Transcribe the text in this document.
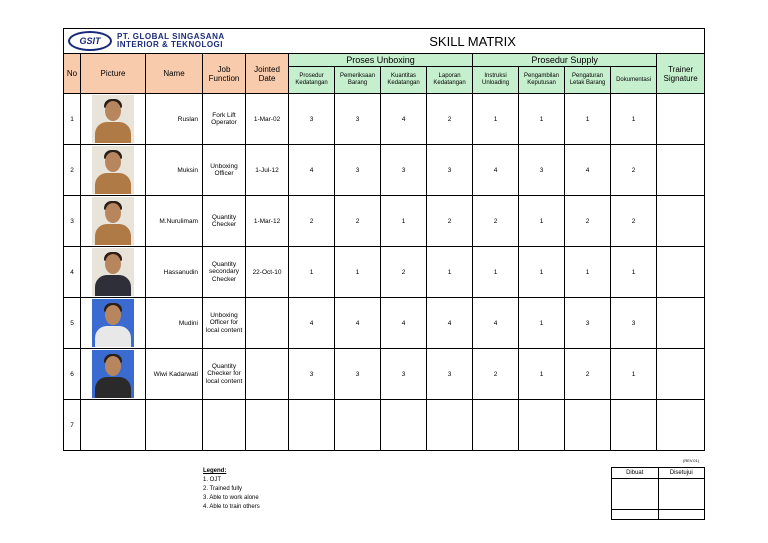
GSIT PT. GLOBAL SINGASANA
INTERIOR & TEKNOLOGI					SKILL MATRIX								
No	Picture	Name	Job Function	Jointed Date	Proses Unboxing				Prosedur Supply				Trainer Signature
					Prosedur Kedatangan	Pemeriksaan Barang	Kuantitas Kedatangan	Laporan Kedatangan	Instruksi Unloading	Pengambilan Keputusan	Pengaturan Letak Barang	Dokumentasi	
1		Ruslan	Fork Lift Operator	1-Mar-02	3	3	4	2	1	1	1	1	
2		Muksin	Unboxing Officer	1-Jul-12	4	3	3	3	4	3	4	2	
3		M.Nurulimam	Quantity Checker	1-Mar-12	2	2	1	2	2	1	2	2	
4		Hassanudin	Quantity secondary Checker	22-Oct-10	1	1	2	1	1	1	1	1	
5		Mudini	Unboxing Officer for local content		4	4	4	4	4	1	3	3	
6		Wiwi Kadarwati	Quantity Checker for local content		3	3	3	3	2	1	2	1	
7													
(REV.01)
Legend:
1. OJT
2. Trained fully
3. Able to work alone
4. Able to train others
Dibuat	Disetujui
